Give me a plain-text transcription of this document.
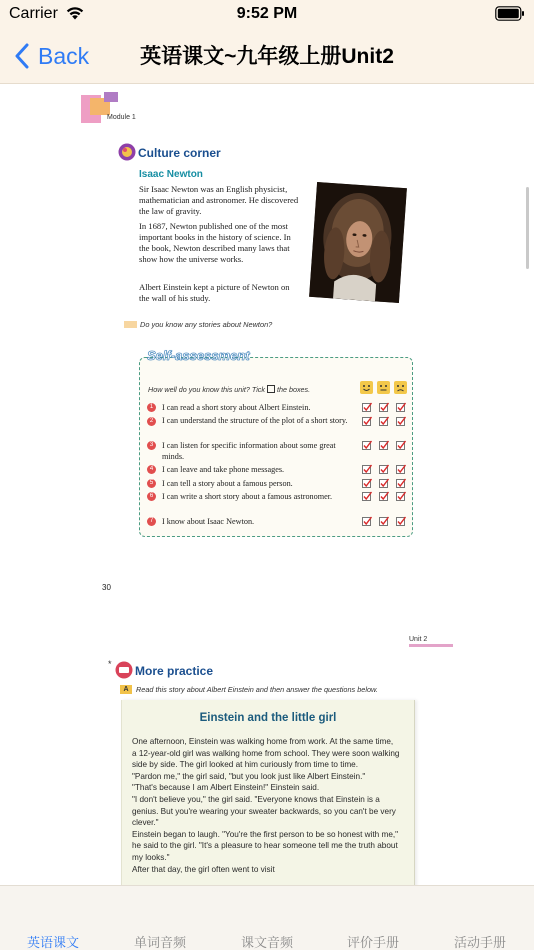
Carrier	9:52 PM
Back	英语课文~九年级上册Unit2
Module 1
Culture corner
Isaac Newton

Sir Isaac Newton was an English physicist, mathematician and astronomer. He discovered the law of gravity.

In 1687, Newton published one of the most important books in the history of science. In the book, Newton described many laws that show how the universe works.

Albert Einstein kept a picture of Newton on the wall of his study.

Do you know any stories about Newton?
Self-assessment
How well do you know this unit? Tick the boxes.
1	I can read a short story about Albert Einstein.

2	I can understand the structure of the plot of a short story.

3	I can listen for specific information about some great minds.

4	I can leave and take phone messages.

5	I can tell a story about a famous person.

6	I can write a short story about a famous astronomer.

7	I know about Isaac Newton.

30
Unit 2
* More practice
A	Read this story about Albert Einstein and then answer the questions below.
Einstein and the little girl

One afternoon, Einstein was walking home from work. At the same time,

a 12-year-old girl was walking home from school. They were soon walking

side by side. The girl looked at him curiously from time to time.

"Pardon me," the girl said, "but you look just like Albert Einstein."

"That's because I am Albert Einstein!" Einstein said.

"I don't believe you," the girl said. "Everyone knows that Einstein is a

genius. But you're wearing your sweater backwards, so you can't be very

clever."

Einstein began to laugh. "You're the first person to be so honest with me,"

he said to the girl. "It's a pleasure to hear someone tell me the truth about

my looks."

After that day, the girl often went to visit

英语课文	单词音频	课文音频	评价手册	活动手册
